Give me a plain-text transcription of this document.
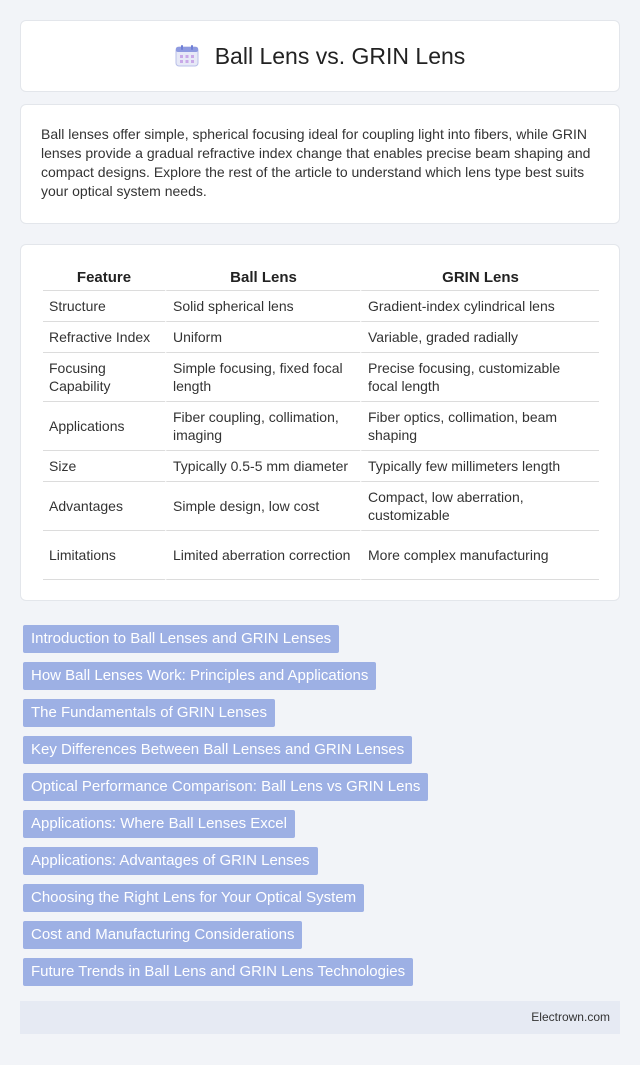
Ball Lens vs. GRIN Lens

Ball lenses offer simple, spherical focusing ideal for coupling light into fibers, while GRIN lenses provide a gradual refractive index change that enables precise beam shaping and compact designs. Explore the rest of the article to understand which lens type best suits your optical system needs.

Feature	Ball Lens	GRIN Lens
Structure	Solid spherical lens	Gradient-index cylindrical lens
Refractive Index	Uniform	Variable, graded radially
Focusing Capability	Simple focusing, fixed focal length	Precise focusing, customizable focal length
Applications	Fiber coupling, collimation, imaging	Fiber optics, collimation, beam shaping
Size	Typically 0.5-5 mm diameter	Typically few millimeters length
Advantages	Simple design, low cost	Compact, low aberration, customizable
Limitations	Limited aberration correction	More complex manufacturing
Introduction to Ball Lenses and GRIN Lenses
How Ball Lenses Work: Principles and Applications
The Fundamentals of GRIN Lenses
Key Differences Between Ball Lenses and GRIN Lenses
Optical Performance Comparison: Ball Lens vs GRIN Lens
Applications: Where Ball Lenses Excel
Applications: Advantages of GRIN Lenses
Choosing the Right Lens for Your Optical System
Cost and Manufacturing Considerations
Future Trends in Ball Lens and GRIN Lens Technologies
Electrown.com
